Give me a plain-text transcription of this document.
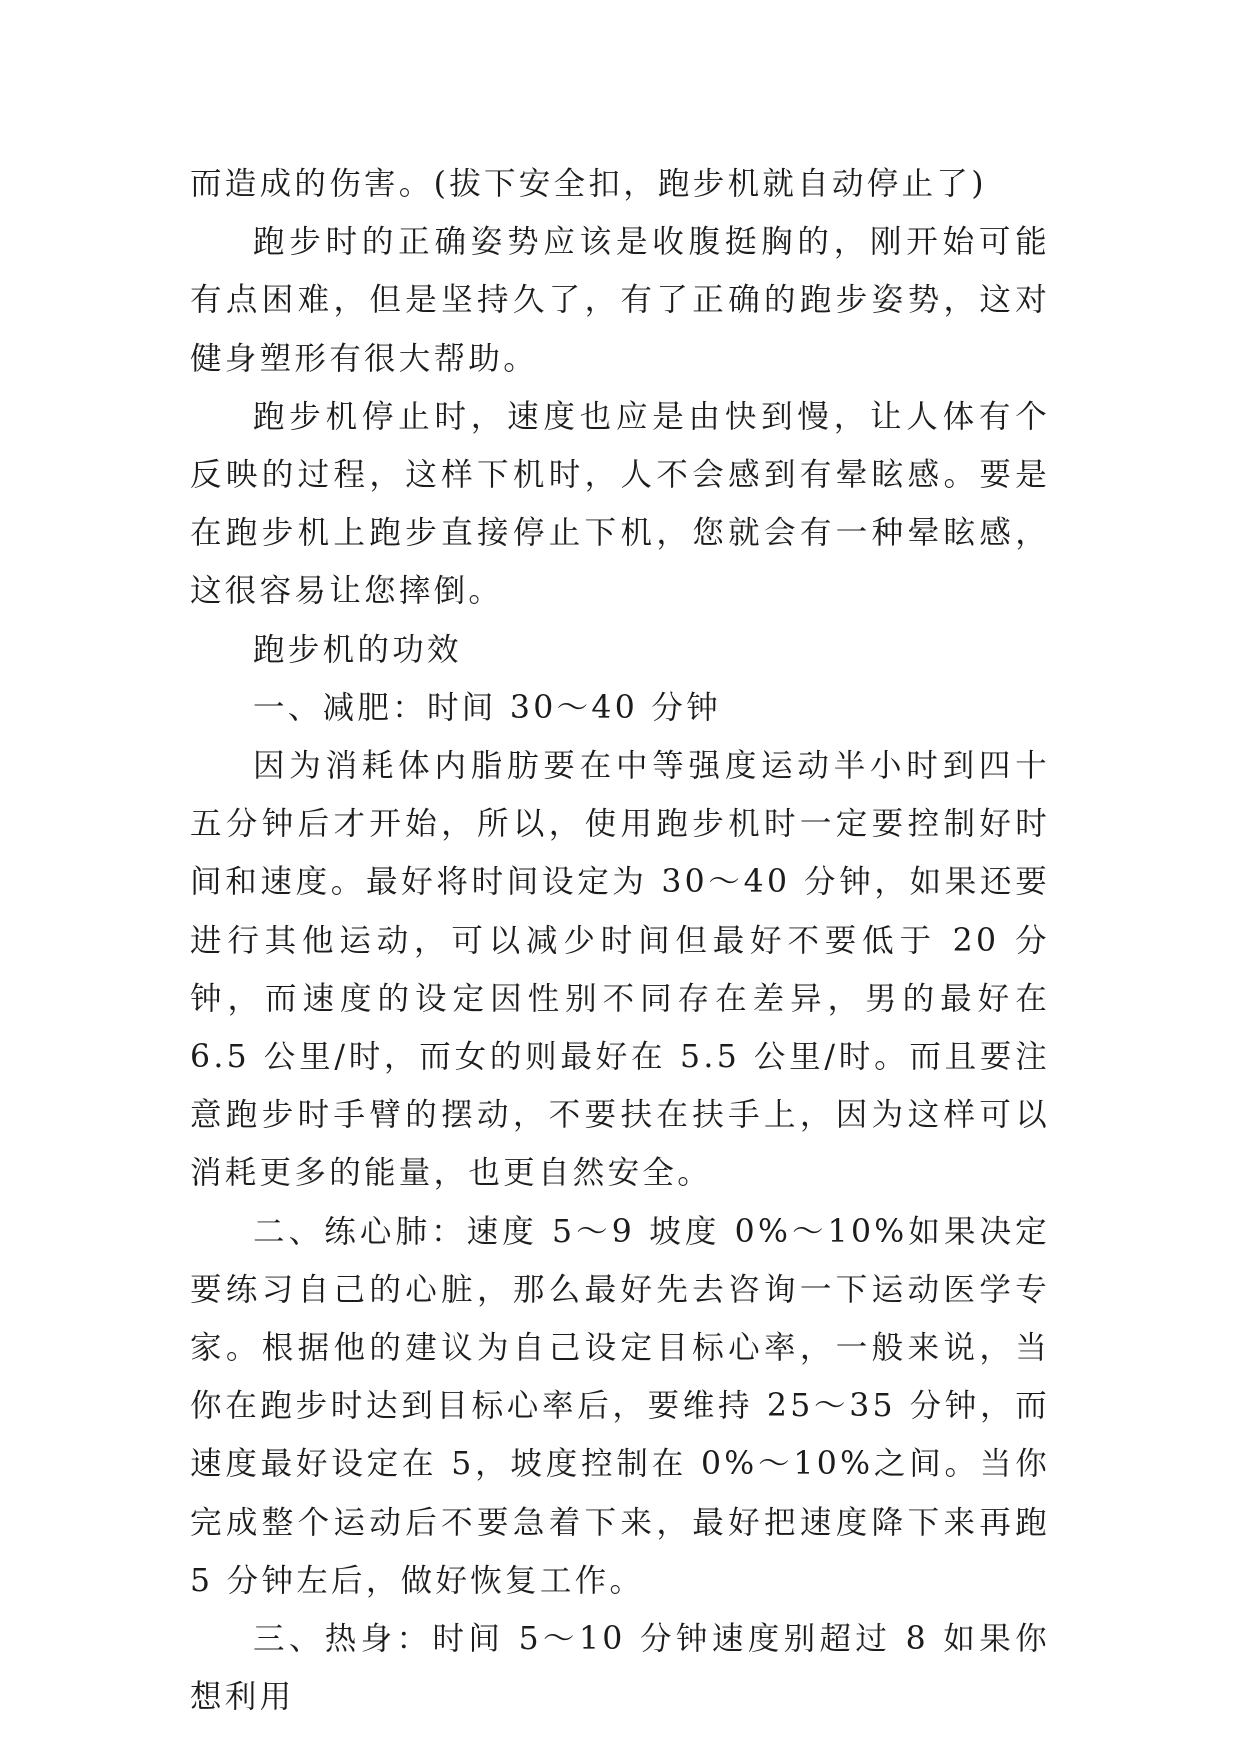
而造成的伤害。(拔下安全扣，跑步机就自动停止了)

跑步时的正确姿势应该是收腹挺胸的，刚开始可能有点困难，但是坚持久了，有了正确的跑步姿势，这对健身塑形有很大帮助。

跑步机停止时，速度也应是由快到慢，让人体有个反映的过程，这样下机时，人不会感到有晕眩感。要是在跑步机上跑步直接停止下机，您就会有一种晕眩感，这很容易让您摔倒。

跑步机的功效

一、减肥：时间 30～40 分钟

因为消耗体内脂肪要在中等强度运动半小时到四十五分钟后才开始，所以，使用跑步机时一定要控制好时间和速度。最好将时间设定为 30～40 分钟，如果还要进行其他运动，可以减少时间但最好不要低于 20 分钟，而速度的设定因性别不同存在差异，男的最好在 6.5 公里/时，而女的则最好在 5.5 公里/时。而且要注意跑步时手臂的摆动，不要扶在扶手上，因为这样可以消耗更多的能量，也更自然安全。

二、练心肺：速度 5～9 坡度 0%～10%如果决定要练习自己的心脏，那么最好先去咨询一下运动医学专家。根据他的建议为自己设定目标心率，一般来说，当你在跑步时达到目标心率后，要维持 25～35 分钟，而速度最好设定在 5，坡度控制在 0%～10%之间。当你完成整个运动后不要急着下来，最好把速度降下来再跑 5 分钟左后，做好恢复工作。

三、热身：时间 5～10 分钟速度别超过 8 如果你想利用
